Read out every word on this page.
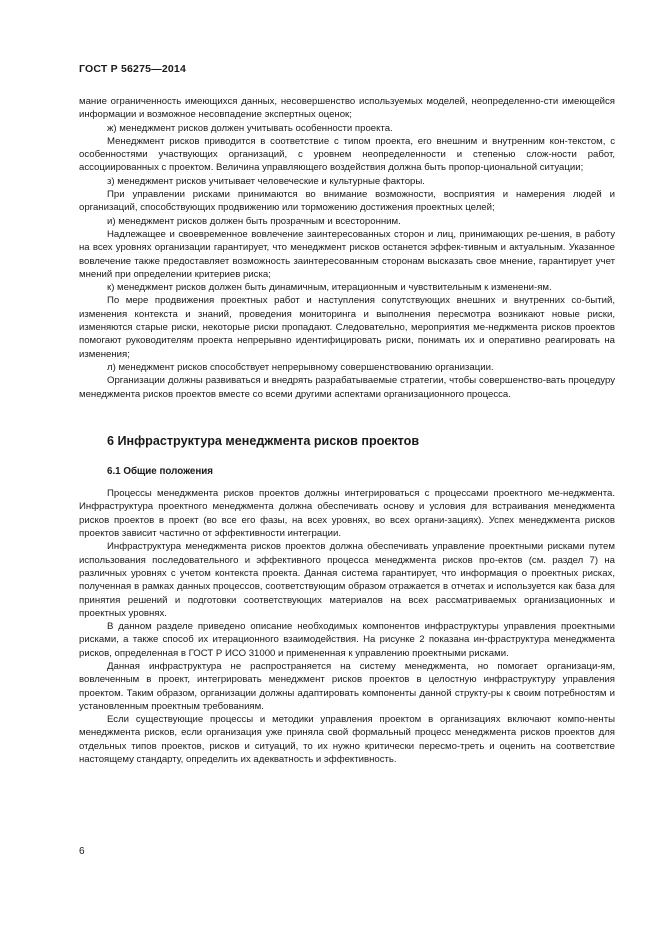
ГОСТ Р 56275—2014

мание ограниченность имеющихся данных, несовершенство используемых моделей, неопределенно-сти имеющейся информации и возможное несовпадение экспертных оценок;

ж) менеджмент рисков должен учитывать особенности проекта.

Менеджмент рисков приводится в соответствие с типом проекта, его внешним и внутренним кон-текстом, с особенностями участвующих организаций, с уровнем неопределенности и степенью слож-ности работ, ассоциированных с проектом. Величина управляющего воздействия должна быть пропор-циональной ситуации;

з) менеджмент рисков учитывает человеческие и культурные факторы.

При управлении рисками принимаются во внимание возможности, восприятия и намерения людей и организаций, способствующих продвижению или торможению достижения проектных целей;

и) менеджмент рисков должен быть прозрачным и всесторонним.

Надлежащее и своевременное вовлечение заинтересованных сторон и лиц, принимающих ре-шения, в работу на всех уровнях организации гарантирует, что менеджмент рисков останется эффек-тивным и актуальным. Указанное вовлечение также предоставляет возможность заинтересованным сторонам высказать свое мнение, гарантирует учет мнений при определении критериев риска;

к) менеджмент рисков должен быть динамичным, итерационным и чувствительным к изменени-ям.

По мере продвижения проектных работ и наступления сопутствующих внешних и внутренних со-бытий, изменения контекста и знаний, проведения мониторинга и выполнения пересмотра возникают новые риски, изменяются старые риски, некоторые риски пропадают. Следовательно, мероприятия ме-неджмента рисков проектов помогают руководителям проекта непрерывно идентифицировать риски, понимать их и оперативно реагировать на изменения;

л) менеджмент рисков способствует непрерывному совершенствованию организации.

Организации должны развиваться и внедрять разрабатываемые стратегии, чтобы совершенство-вать процедуру менеджмента рисков проектов вместе со всеми другими аспектами организационного процесса.

6 Инфраструктура менеджмента рисков проектов
6.1 Общие положения

Процессы менеджмента рисков проектов должны интегрироваться с процессами проектного ме-неджмента. Инфраструктура проектного менеджмента должна обеспечивать основу и условия для встраивания менеджмента рисков проектов в проект (во все его фазы, на всех уровнях, во всех органи-зациях). Успех менеджмента рисков проектов зависит частично от эффективности интеграции.

Инфраструктура менеджмента рисков проектов должна обеспечивать управление проектными рисками путем использования последовательного и эффективного процесса менеджмента рисков про-ектов (см. раздел 7) на различных уровнях с учетом контекста проекта. Данная система гарантирует, что информация о проектных рисках, полученная в рамках данных процессов, соответствующим образом отражается в отчетах и используется как база для принятия решений и подготовки соответствующих материалов на всех рассматриваемых организационных и проектных уровнях.

В данном разделе приведено описание необходимых компонентов инфраструктуры управления проектными рисками, а также способ их итерационного взаимодействия. На рисунке 2 показана ин-фраструктура менеджмента рисков, определенная в ГОСТ Р ИСО 31000 и примененная к управлению проектными рисками.

Данная инфраструктура не распространяется на систему менеджмента, но помогает организаци-ям, вовлеченным в проект, интегрировать менеджмент рисков проектов в целостную инфраструктуру управления проектом. Таким образом, организации должны адаптировать компоненты данной структу-ры к своим потребностям и установленным проектным требованиям.

Если существующие процессы и методики управления проектом в организациях включают компо-ненты менеджмента рисков, если организация уже приняла свой формальный процесс менеджмента рисков проектов для отдельных типов проектов, рисков и ситуаций, то их нужно критически пересмо-треть и оценить на соответствие настоящему стандарту, определить их адекватность и эффективность.

6
